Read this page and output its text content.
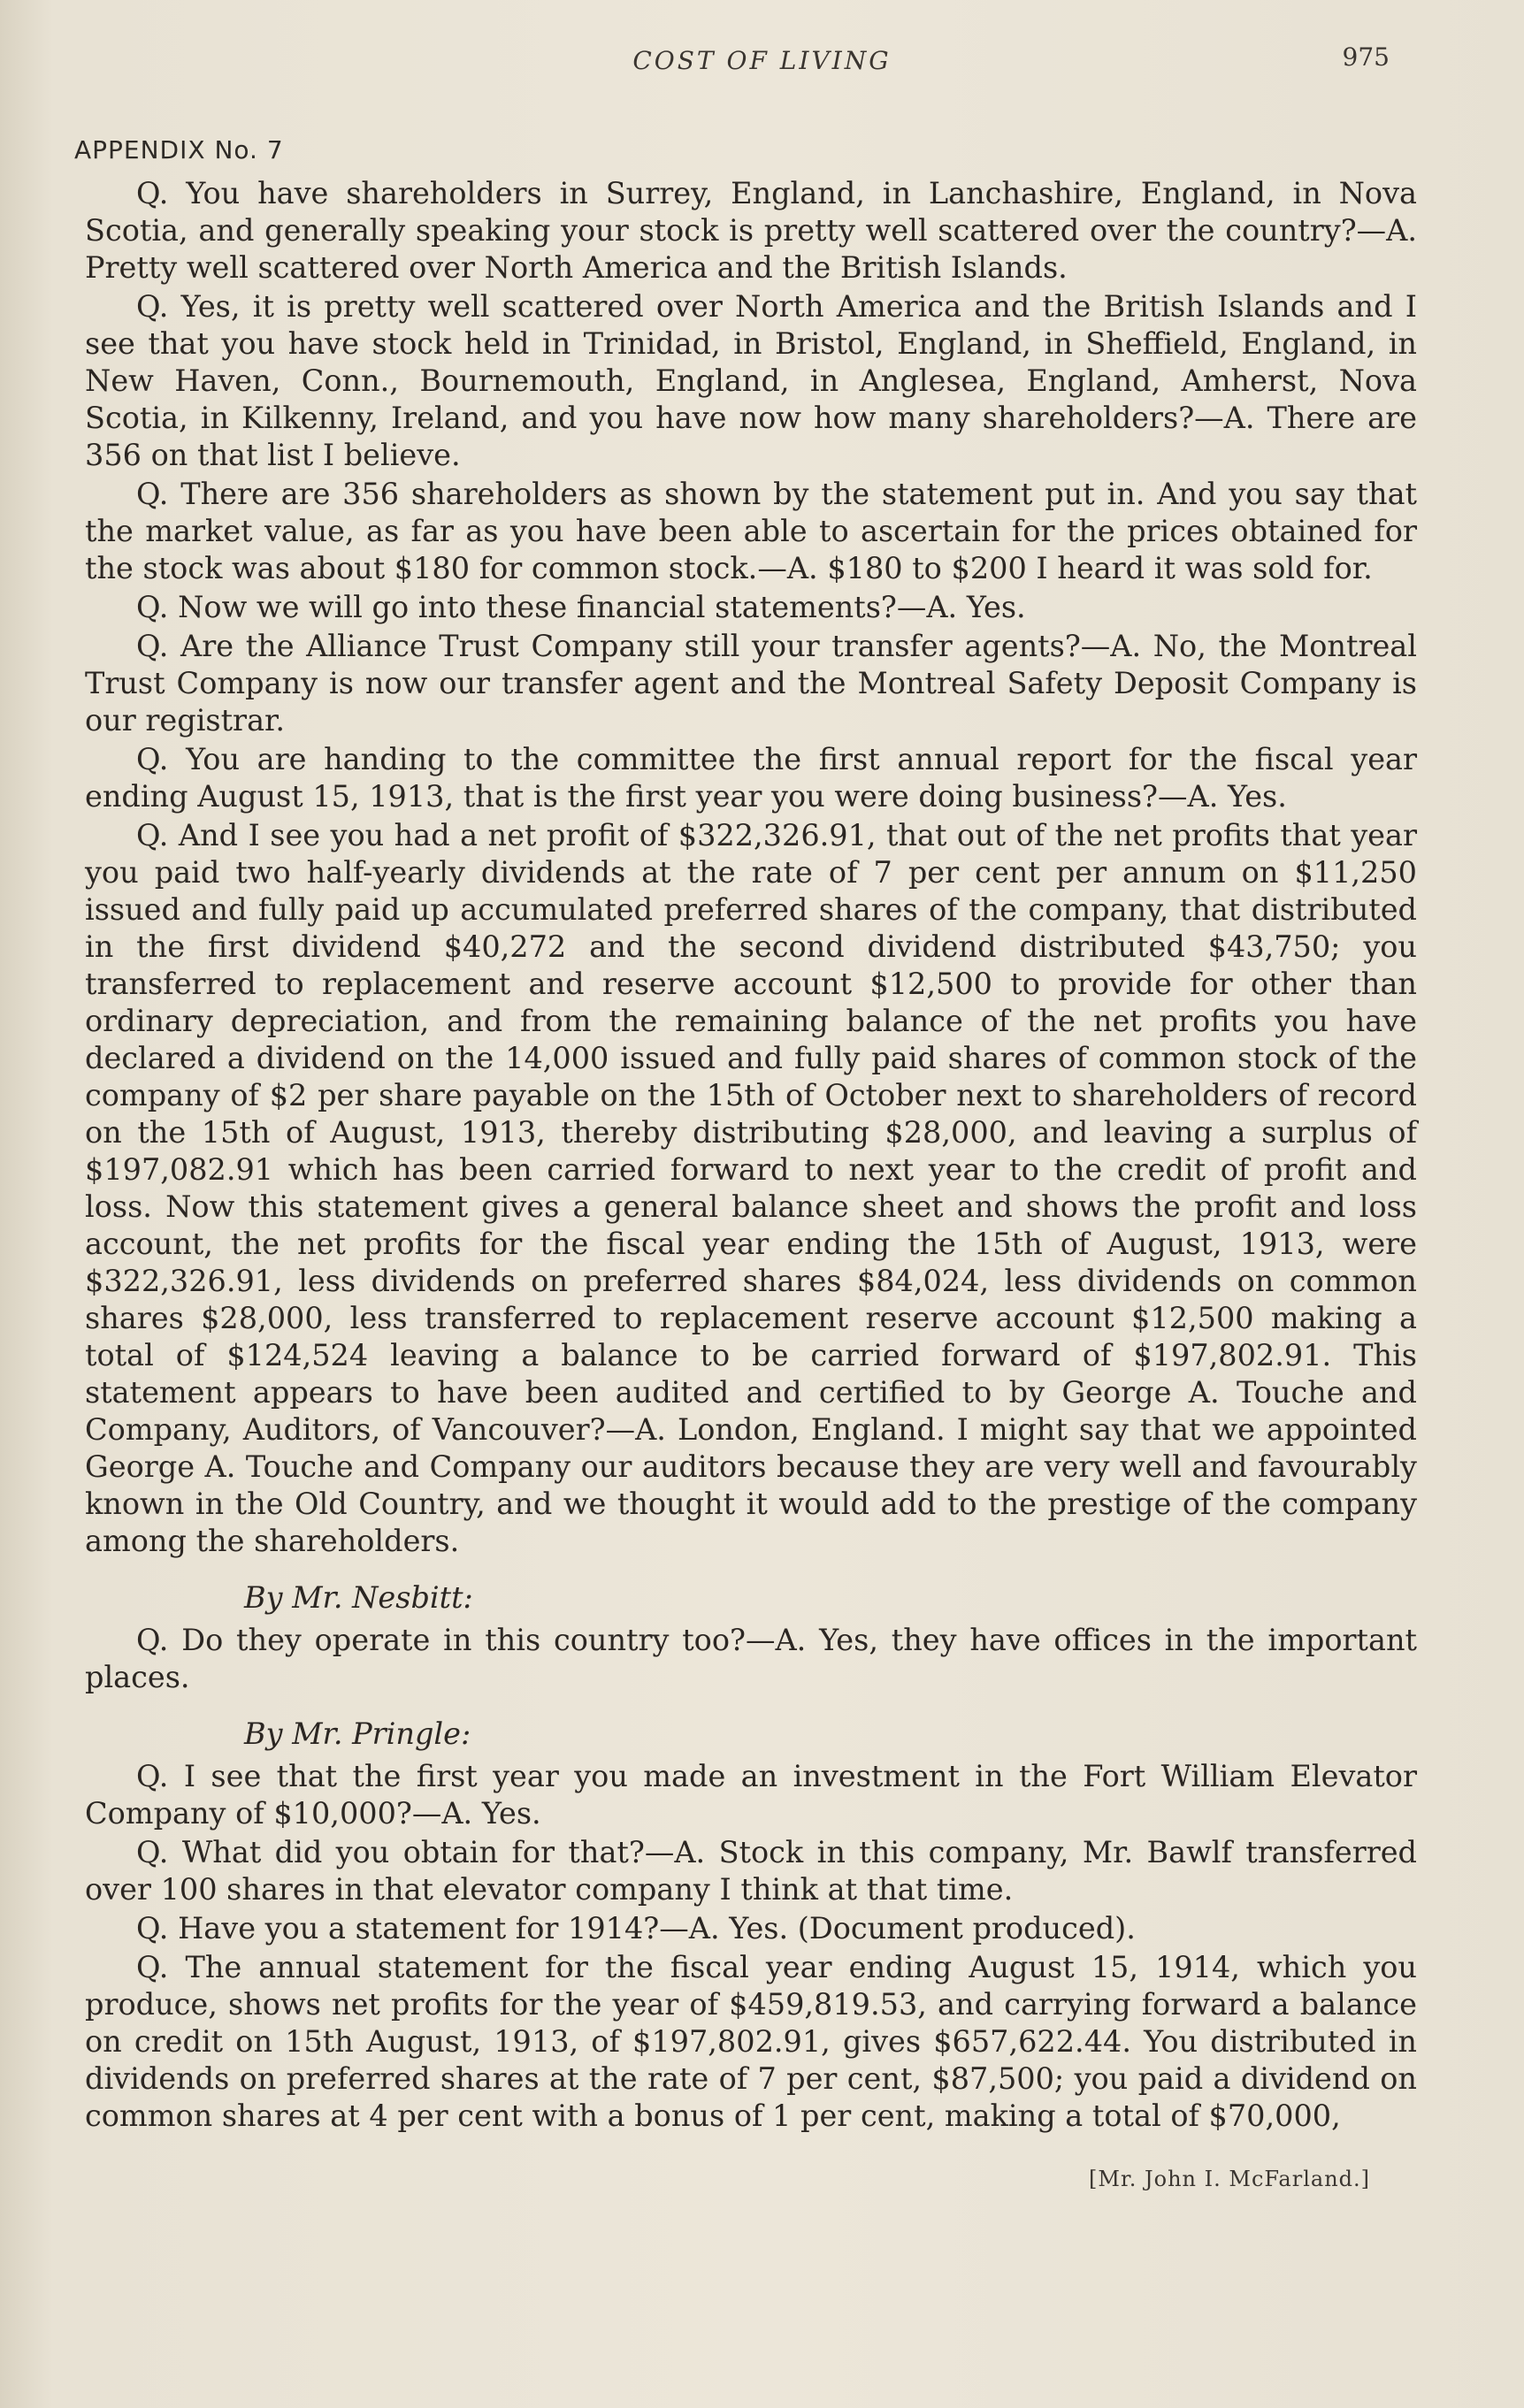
COST OF LIVING	975
APPENDIX No. 7

Q. You have shareholders in Surrey, England, in Lanchashire, England, in Nova Scotia, and generally speaking your stock is pretty well scattered over the country?—A. Pretty well scattered over North America and the British Islands.

Q. Yes, it is pretty well scattered over North America and the British Islands and I see that you have stock held in Trinidad, in Bristol, England, in Sheffield, England, in New Haven, Conn., Bournemouth, England, in Anglesea, England, Amherst, Nova Scotia, in Kilkenny, Ireland, and you have now how many shareholders?—A. There are 356 on that list I believe.

Q. There are 356 shareholders as shown by the statement put in. And you say that the market value, as far as you have been able to ascertain for the prices obtained for the stock was about $180 for common stock.—A. $180 to $200 I heard it was sold for.

Q. Now we will go into these financial statements?—A. Yes.

Q. Are the Alliance Trust Company still your transfer agents?—A. No, the Montreal Trust Company is now our transfer agent and the Montreal Safety Deposit Company is our registrar.

Q. You are handing to the committee the first annual report for the fiscal year ending August 15, 1913, that is the first year you were doing business?—A. Yes.

Q. And I see you had a net profit of $322,326.91, that out of the net profits that year you paid two half-yearly dividends at the rate of 7 per cent per annum on $11,250 issued and fully paid up accumulated preferred shares of the company, that distributed in the first dividend $40,272 and the second dividend distributed $43,750; you transferred to replacement and reserve account $12,500 to provide for other than ordinary depreciation, and from the remaining balance of the net profits you have declared a dividend on the 14,000 issued and fully paid shares of common stock of the company of $2 per share payable on the 15th of October next to shareholders of record on the 15th of August, 1913, thereby distributing $28,000, and leaving a surplus of $197,082.91 which has been carried forward to next year to the credit of profit and loss. Now this statement gives a general balance sheet and shows the profit and loss account, the net profits for the fiscal year ending the 15th of August, 1913, were $322,326.91, less dividends on preferred shares $84,024, less dividends on common shares $28,000, less transferred to replacement reserve account $12,500 making a total of $124,524 leaving a balance to be carried forward of $197,802.91. This statement appears to have been audited and certified to by George A. Touche and Company, Auditors, of Vancouver?—A. London, England. I might say that we appointed George A. Touche and Company our auditors because they are very well and favourably known in the Old Country, and we thought it would add to the prestige of the company among the shareholders.

By Mr. Nesbitt:

Q. Do they operate in this country too?—A. Yes, they have offices in the important places.

By Mr. Pringle:

Q. I see that the first year you made an investment in the Fort William Elevator Company of $10,000?—A. Yes.

Q. What did you obtain for that?—A. Stock in this company, Mr. Bawlf transferred over 100 shares in that elevator company I think at that time.

Q. Have you a statement for 1914?—A. Yes. (Document produced).

Q. The annual statement for the fiscal year ending August 15, 1914, which you produce, shows net profits for the year of $459,819.53, and carrying forward a balance on credit on 15th August, 1913, of $197,802.91, gives $657,622.44. You distributed in dividends on preferred shares at the rate of 7 per cent, $87,500; you paid a dividend on common shares at 4 per cent with a bonus of 1 per cent, making a total of $70,000,

[Mr. John I. McFarland.]
